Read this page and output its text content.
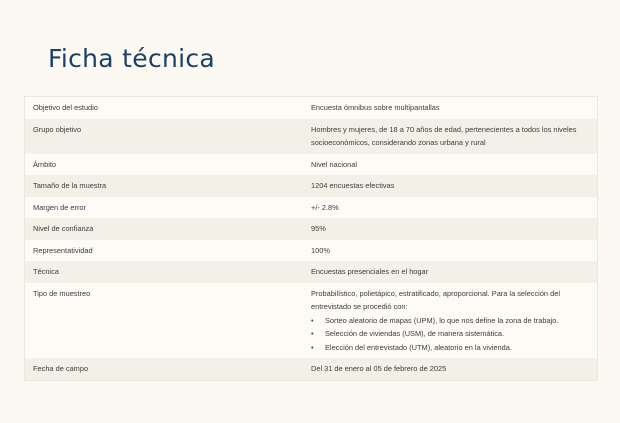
Ficha técnica
Objetivo del estudio	Encuesta ómnibus sobre multipantallas
Grupo objetivo	Hombres y mujeres, de 18 a 70 años de edad, pertenecientes a todos los niveles socioeconómicos, considerando zonas urbana y rural
Ámbito	Nivel nacional
Tamaño de la muestra	1204 encuestas efectivas
Margen de error	+/- 2.8%
Nivel de confianza	95%
Representatividad	100%
Técnica	Encuestas presenciales en el hogar
Tipo de muestreo	Probabilístico, polietápico, estratificado, aproporcional. Para la selección del entrevistado se procedió con:
• Sorteo aleatorio de mapas (UPM), lo que nos define la zona de trabajo.
• Selección de viviendas (USM), de manera sistemática.
• Elección del entrevistado (UTM), aleatorio en la vivienda.
Fecha de campo	Del 31 de enero al 05 de febrero de 2025
